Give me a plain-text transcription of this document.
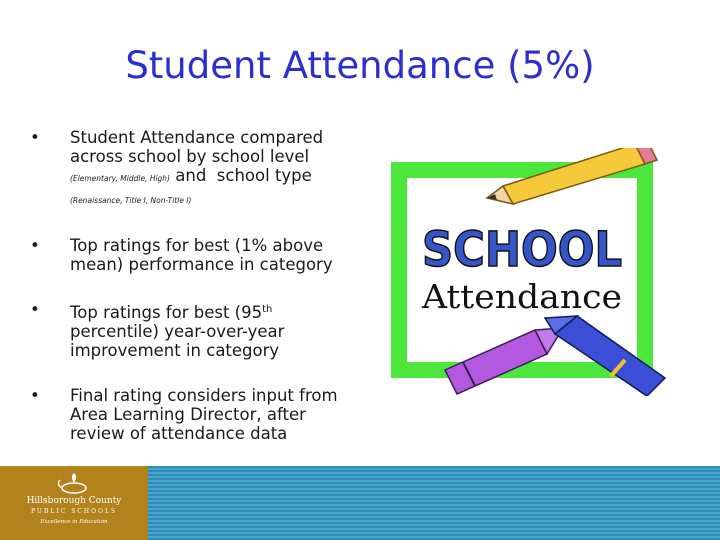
Student Attendance (5%)
• Student Attendance compared across school by school level
(Elementary, Middle, High) and school type
(Renaissance, Title I, Non-Title I)
• Top ratings for best (1% above mean) performance in category
• Top ratings for best (95th percentile) year-over-year improvement in category
• Final rating considers input from Area Learning Director, after review of attendance data
SCHOOL
Attendance
Hillsborough County
PUBLIC SCHOOLS
Excellence in Education
